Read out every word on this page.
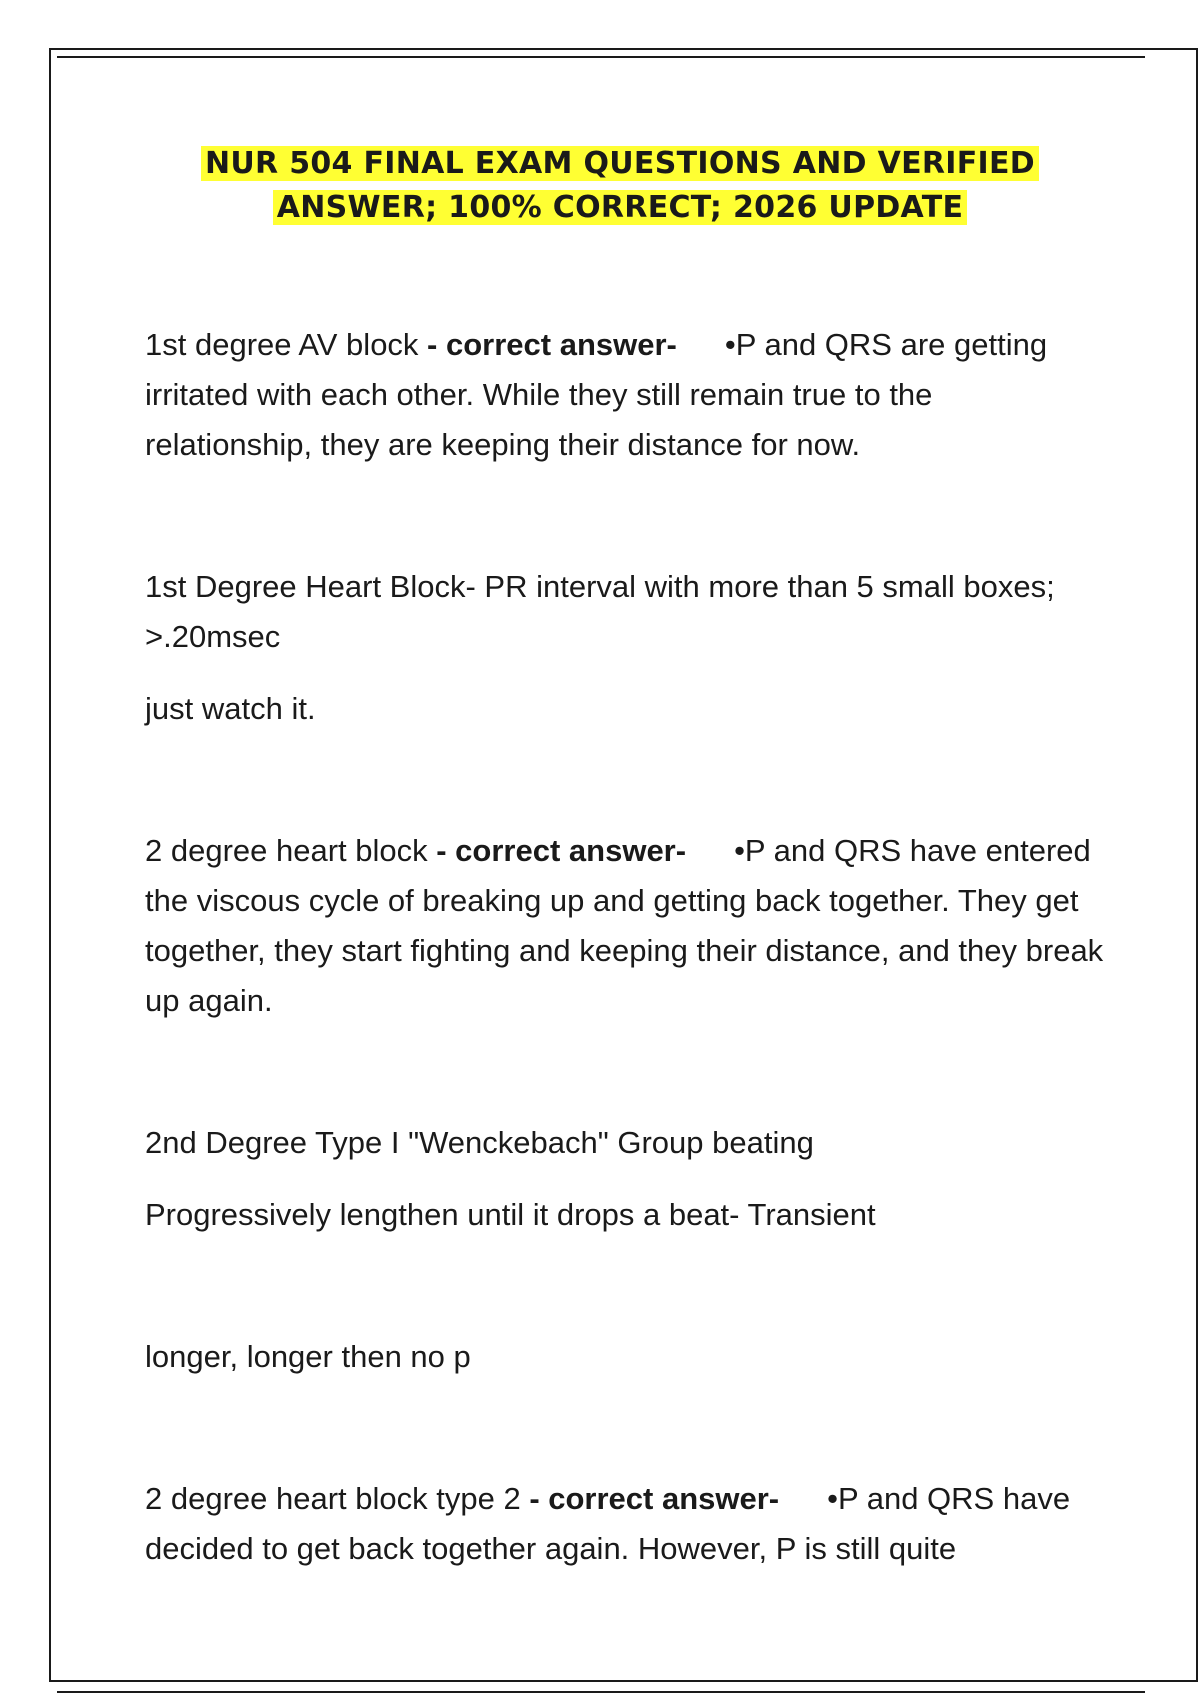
NUR 504 FINAL EXAM QUESTIONS AND VERIFIED
ANSWER; 100% CORRECT; 2026 UPDATE

1st degree AV block - correct answer- •P and QRS are getting irritated with each other. While they still remain true to the relationship, they are keeping their distance for now.

1st Degree Heart Block- PR interval with more than 5 small boxes; >.20msec

just watch it.

2 degree heart block - correct answer- •P and QRS have entered the viscous cycle of breaking up and getting back together. They get together, they start fighting and keeping their distance, and they break up again.

2nd Degree Type I "Wenckebach" Group beating

Progressively lengthen until it drops a beat- Transient

longer, longer then no p

2 degree heart block type 2 - correct answer- •P and QRS have decided to get back together again. However, P is still quite
